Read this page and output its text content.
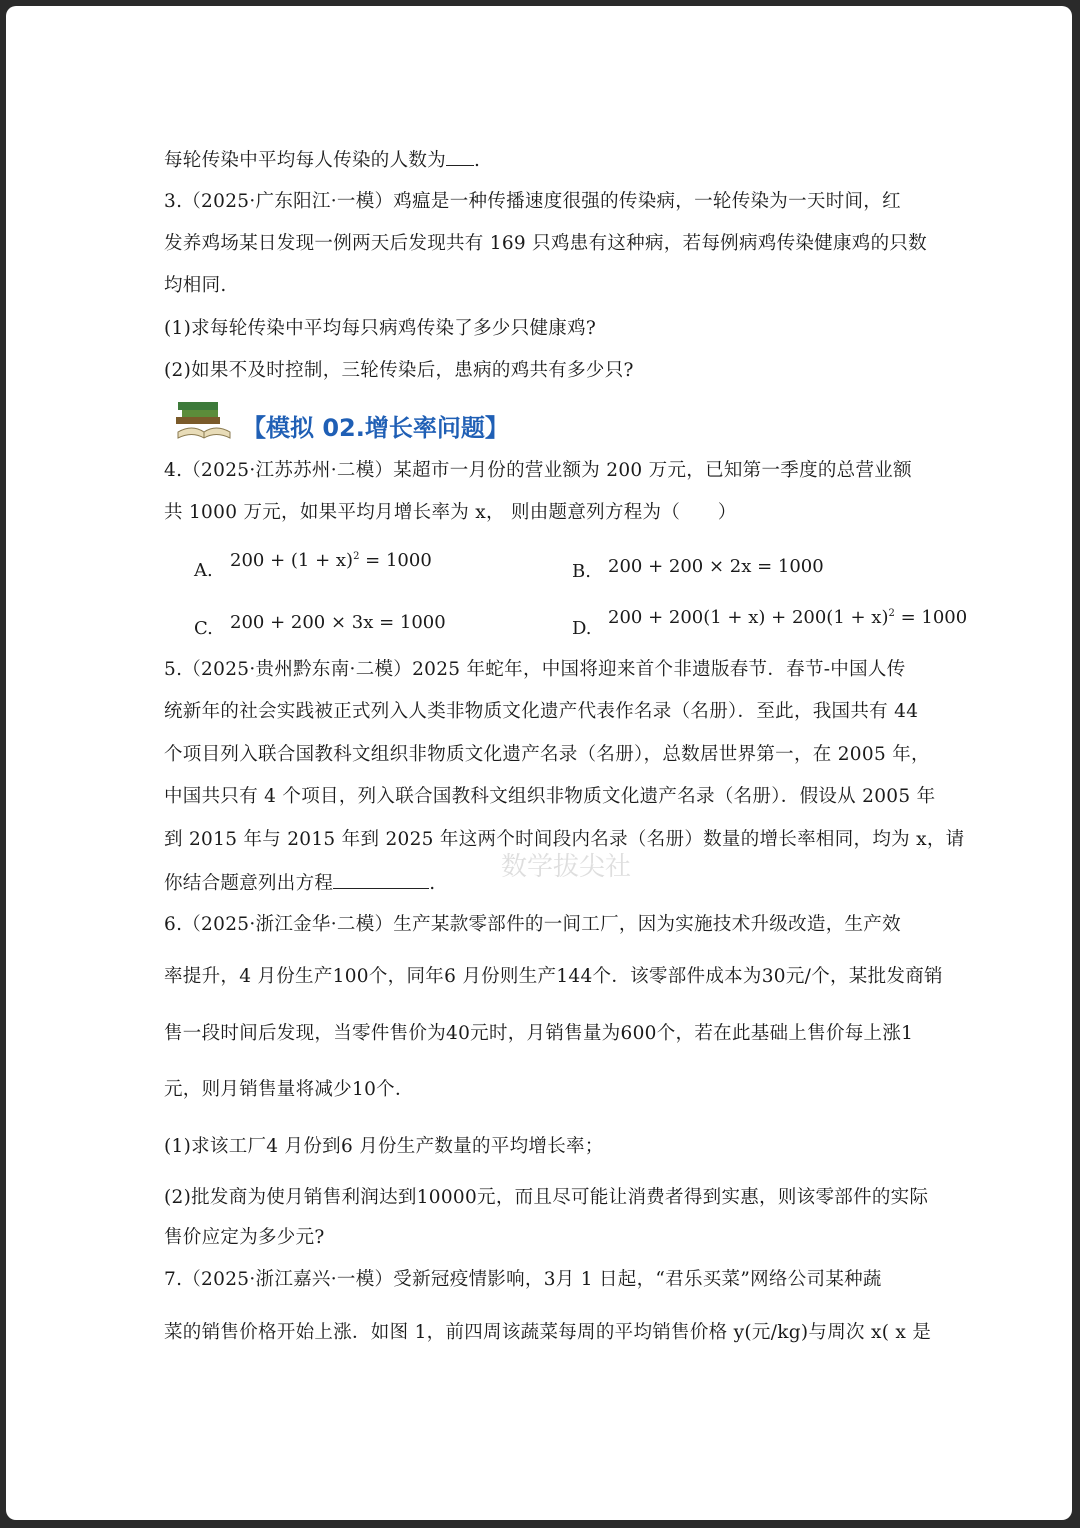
每轮传染中平均每人传染的人数为 .
3.（2025·广东阳江·一模）鸡瘟是一种传播速度很强的传染病，一轮传染为一天时间，红
发养鸡场某日发现一例两天后发现共有 169 只鸡患有这种病，若每例病鸡传染健康鸡的只数
均相同.
(1)求每轮传染中平均每只病鸡传染了多少只健康鸡?
(2)如果不及时控制，三轮传染后，患病的鸡共有多少只?
【模拟 02.增长率问题】
4.（2025·江苏苏州·二模）某超市一月份的营业额为 200 万元，已知第一季度的总营业额
共 1000 万元，如果平均月增长率为 x， 则由题意列方程为（　　）
A. $200 + (1 + x)^2 = 1000$
B. 200 + 200 × 2x = 1000
C. 200 + 200 × 3x = 1000	D.
$200 + 200(1 + x) + 200(1 + x)^2 = 1000$
5.（2025·贵州黔东南·二模）2025 年蛇年，中国将迎来首个非遗版春节．春节-中国人传
统新年的社会实践被正式列入人类非物质文化遗产代表作名录（名册）．至此，我国共有 44
个项目列入联合国教科文组织非物质文化遗产名录（名册），总数居世界第一，在 2005 年，
中国共只有 4 个项目，列入联合国教科文组织非物质文化遗产名录（名册）．假设从 2005 年
到 2015 年与 2015 年到 2025 年这两个时间段内名录（名册）数量的增长率相同，均为 x，请
你结合题意列出方程	.
6.（2025·浙江金华·二模）生产某款零部件的一间工厂，因为实施技术升级改造，生产效
率提升，4 月份生产100个，同年6 月份则生产144个．该零部件成本为30元/个，某批发商销
售一段时间后发现，当零件售价为40元时，月销售量为600个，若在此基础上售价每上涨1
元，则月销售量将减少10个．
(1)求该工厂4 月份到6 月份生产数量的平均增长率；
(2)批发商为使月销售利润达到10000元，而且尽可能让消费者得到实惠，则该零部件的实际
售价应定为多少元?
7.（2025·浙江嘉兴·一模）受新冠疫情影响，3月 1 日起，“君乐买菜”网络公司某种蔬
菜的销售价格开始上涨．如图 1，前四周该蔬菜每周的平均销售价格 y(元/kg)与周次 x( x 是
数学拔尖社
